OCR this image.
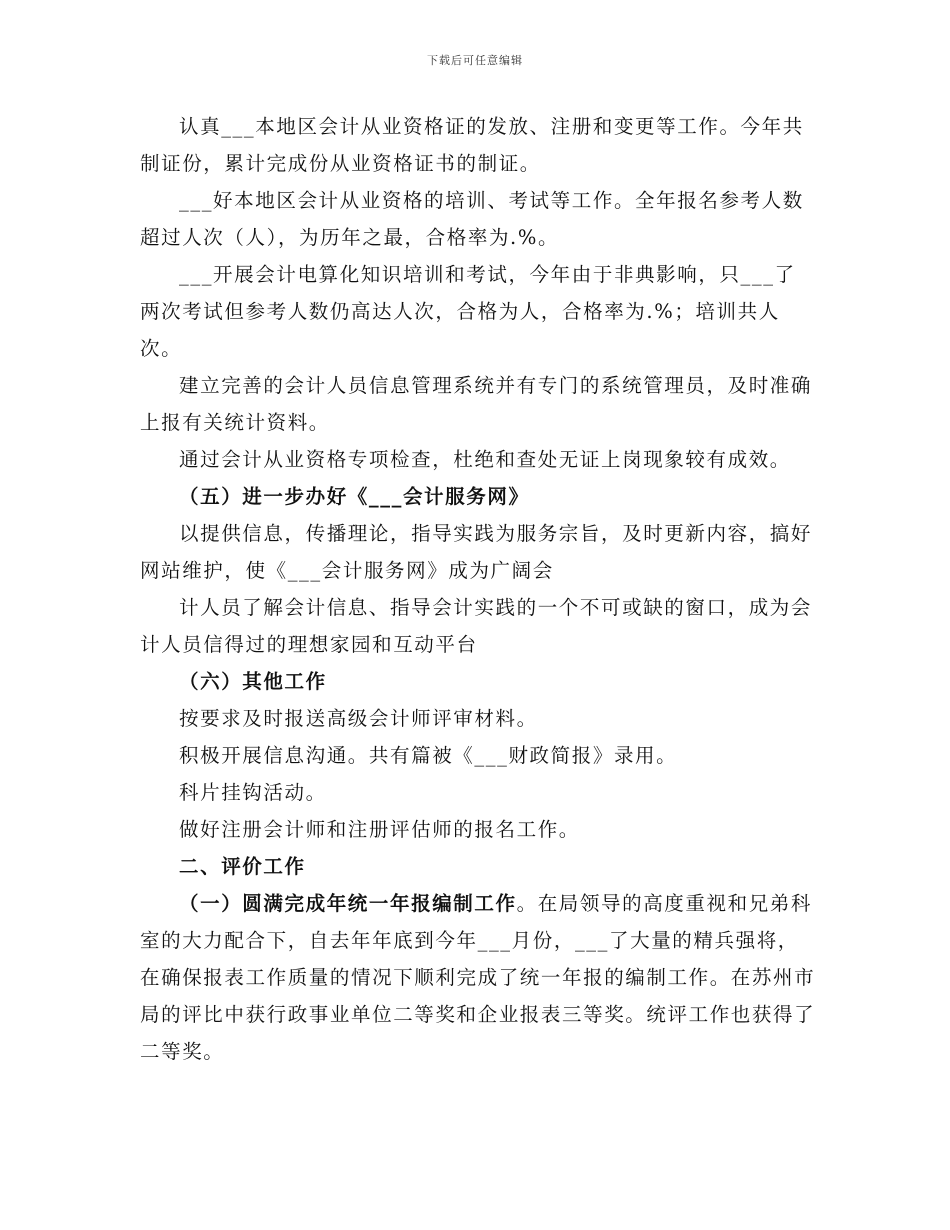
下载后可任意编辑

认真___本地区会计从业资格证的发放、注册和变更等工作。今年共制证份，累计完成份从业资格证书的制证。

___好本地区会计从业资格的培训、考试等工作。全年报名参考人数超过人次（人），为历年之最，合格率为.%。

___开展会计电算化知识培训和考试，今年由于非典影响，只___了两次考试但参考人数仍高达人次，合格为人，合格率为.%；培训共人次。

建立完善的会计人员信息管理系统并有专门的系统管理员，及时准确上报有关统计资料。

通过会计从业资格专项检查，杜绝和查处无证上岗现象较有成效。

（五）进一步办好《___会计服务网》

以提供信息，传播理论，指导实践为服务宗旨，及时更新内容，搞好网站维护，使《___会计服务网》成为广阔会

计人员了解会计信息、指导会计实践的一个不可或缺的窗口，成为会计人员信得过的理想家园和互动平台

（六）其他工作

按要求及时报送高级会计师评审材料。

积极开展信息沟通。共有篇被《___财政简报》录用。

科片挂钩活动。

做好注册会计师和注册评估师的报名工作。

二、评价工作

（一）圆满完成年统一年报编制工作。在局领导的高度重视和兄弟科室的大力配合下，自去年年底到今年___月份，___了大量的精兵强将，在确保报表工作质量的情况下顺利完成了统一年报的编制工作。在苏州市局的评比中获行政事业单位二等奖和企业报表三等奖。统评工作也获得了二等奖。
